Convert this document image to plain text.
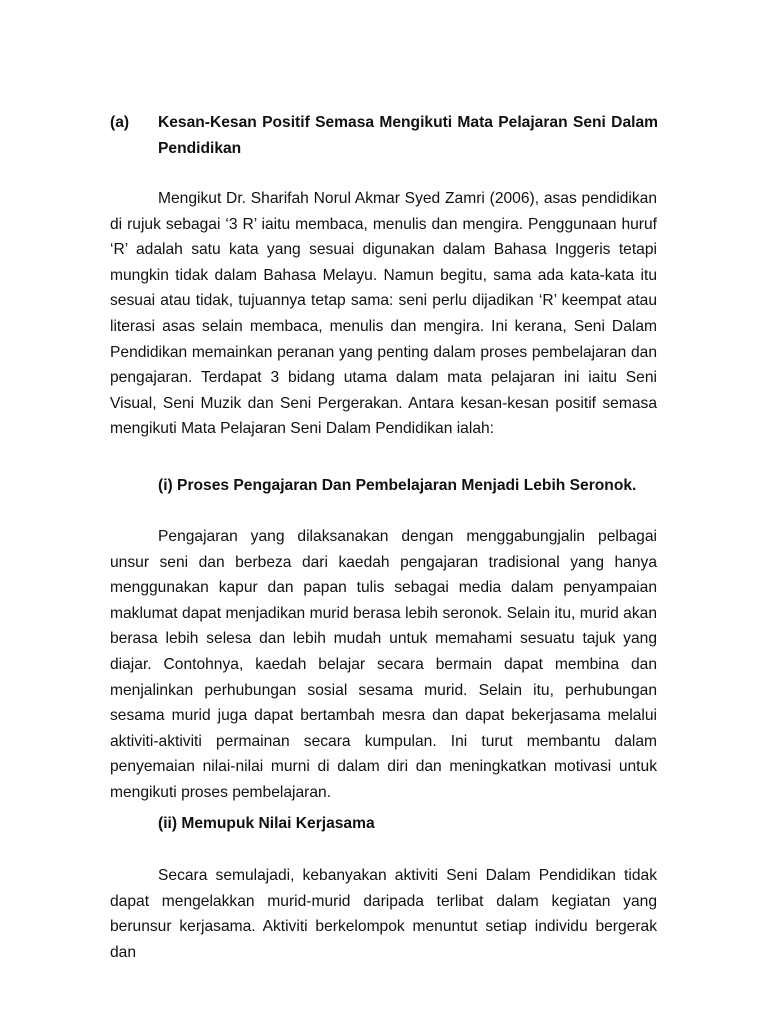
(a) Kesan-Kesan Positif Semasa Mengikuti Mata Pelajaran Seni Dalam Pendidikan

Mengikut Dr. Sharifah Norul Akmar Syed Zamri (2006), asas pendidikan di rujuk sebagai ‘3 R’ iaitu membaca, menulis dan mengira. Penggunaan huruf ‘R’ adalah satu kata yang sesuai digunakan dalam Bahasa Inggeris tetapi mungkin tidak dalam Bahasa Melayu. Namun begitu, sama ada kata-kata itu sesuai atau tidak, tujuannya tetap sama: seni perlu dijadikan ‘R’ keempat atau literasi asas selain membaca, menulis dan mengira. Ini kerana, Seni Dalam Pendidikan memainkan peranan yang penting dalam proses pembelajaran dan pengajaran. Terdapat 3 bidang utama dalam mata pelajaran ini iaitu Seni Visual, Seni Muzik dan Seni Pergerakan. Antara kesan-kesan positif semasa mengikuti Mata Pelajaran Seni Dalam Pendidikan ialah:

(i) Proses Pengajaran Dan Pembelajaran Menjadi Lebih Seronok.

Pengajaran yang dilaksanakan dengan menggabungjalin pelbagai unsur seni dan berbeza dari kaedah pengajaran tradisional yang hanya menggunakan kapur dan papan tulis sebagai media dalam penyampaian maklumat dapat menjadikan murid berasa lebih seronok. Selain itu, murid akan berasa lebih selesa dan lebih mudah untuk memahami sesuatu tajuk yang diajar. Contohnya, kaedah belajar secara bermain dapat membina dan menjalinkan perhubungan sosial sesama murid. Selain itu, perhubungan sesama murid juga dapat bertambah mesra dan dapat bekerjasama melalui aktiviti-aktiviti permainan secara kumpulan. Ini turut membantu dalam penyemaian nilai-nilai murni di dalam diri dan meningkatkan motivasi untuk mengikuti proses pembelajaran.

(ii) Memupuk Nilai Kerjasama

Secara semulajadi, kebanyakan aktiviti Seni Dalam Pendidikan tidak dapat mengelakkan murid-murid daripada terlibat dalam kegiatan yang berunsur kerjasama. Aktiviti berkelompok menuntut setiap individu bergerak dan
